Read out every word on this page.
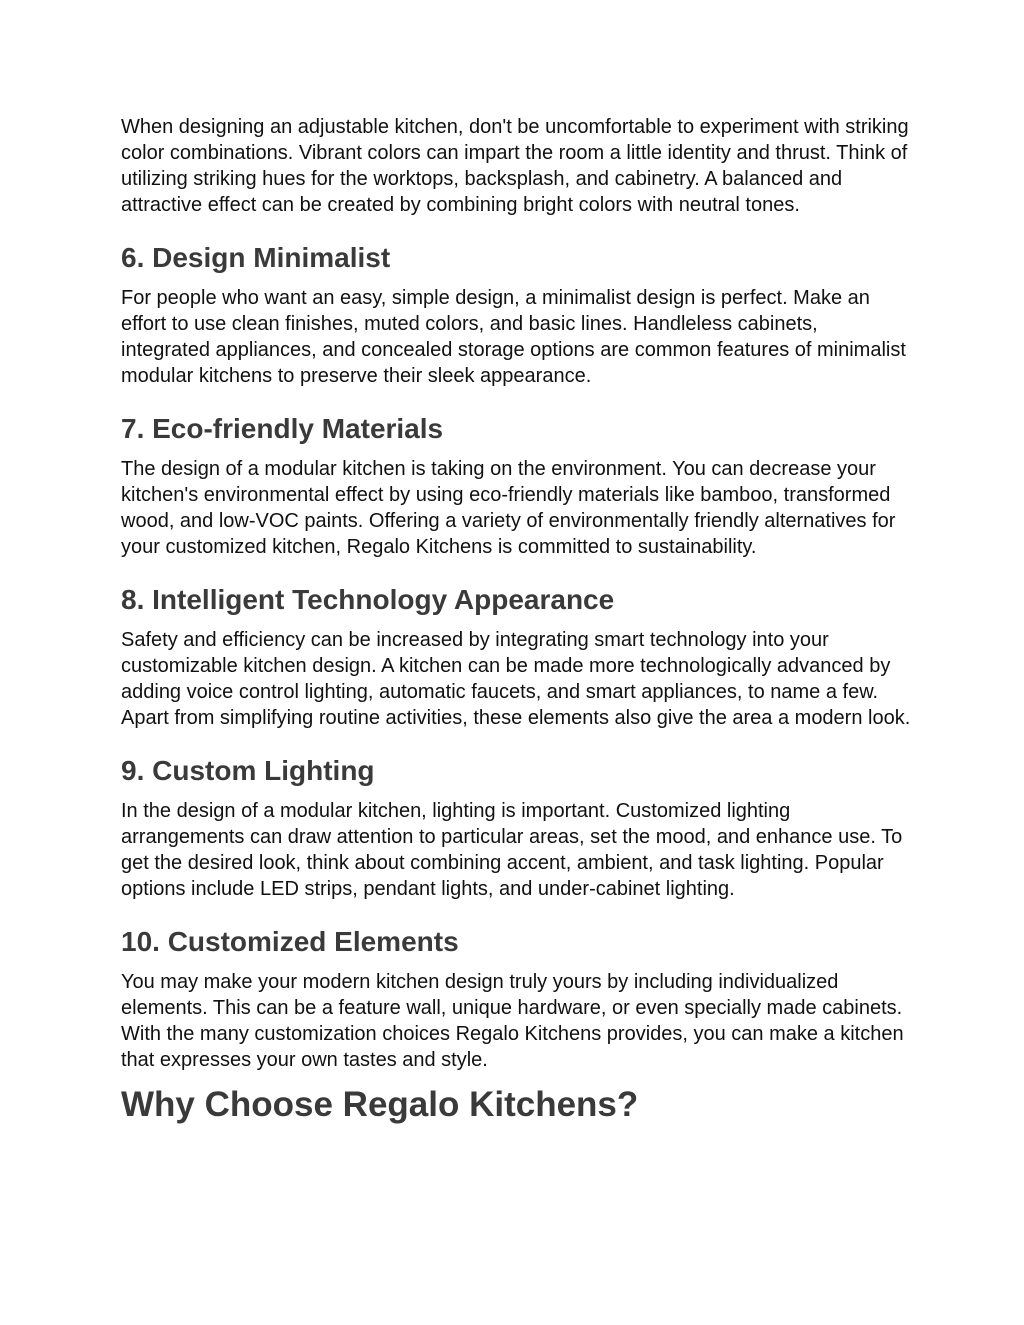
When designing an adjustable kitchen, don't be uncomfortable to experiment with striking color combinations. Vibrant colors can impart the room a little identity and thrust. Think of utilizing striking hues for the worktops, backsplash, and cabinetry. A balanced and attractive effect can be created by combining bright colors with neutral tones.

6. Design Minimalist

For people who want an easy, simple design, a minimalist design is perfect. Make an effort to use clean finishes, muted colors, and basic lines. Handleless cabinets, integrated appliances, and concealed storage options are common features of minimalist modular kitchens to preserve their sleek appearance.

7. Eco-friendly Materials

The design of a modular kitchen is taking on the environment. You can decrease your kitchen's environmental effect by using eco-friendly materials like bamboo, transformed wood, and low-VOC paints. Offering a variety of environmentally friendly alternatives for your customized kitchen, Regalo Kitchens is committed to sustainability.

8. Intelligent Technology Appearance

Safety and efficiency can be increased by integrating smart technology into your customizable kitchen design. A kitchen can be made more technologically advanced by adding voice control lighting, automatic faucets, and smart appliances, to name a few. Apart from simplifying routine activities, these elements also give the area a modern look.

9. Custom Lighting

In the design of a modular kitchen, lighting is important. Customized lighting arrangements can draw attention to particular areas, set the mood, and enhance use. To get the desired look, think about combining accent, ambient, and task lighting. Popular options include LED strips, pendant lights, and under-cabinet lighting.

10. Customized Elements

You may make your modern kitchen design truly yours by including individualized elements. This can be a feature wall, unique hardware, or even specially made cabinets. With the many customization choices Regalo Kitchens provides, you can make a kitchen that expresses your own tastes and style.

Why Choose Regalo Kitchens?
